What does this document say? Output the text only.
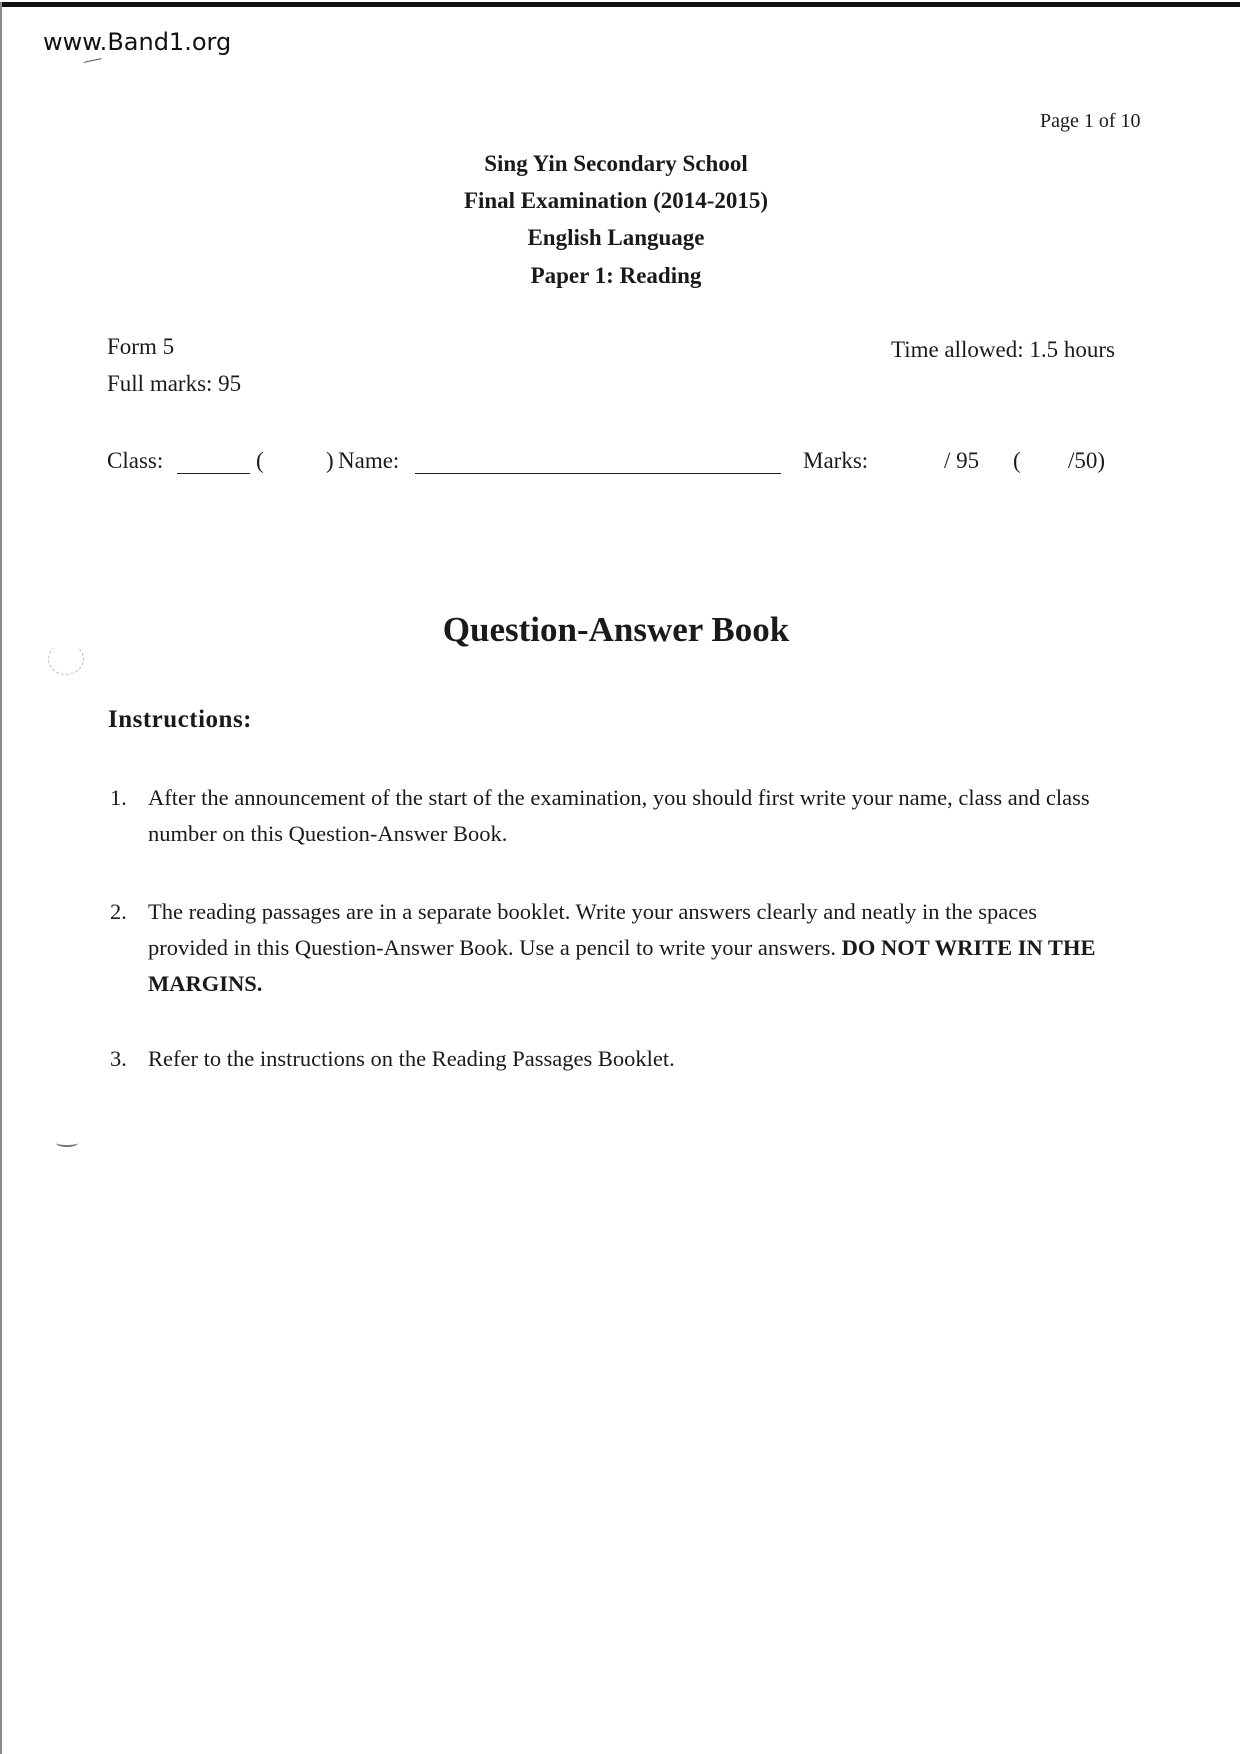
www.Band1.org
Page 1 of 10
Sing Yin Secondary School
Final Examination (2014-2015)
English Language
Paper 1: Reading
Form 5
Full marks: 95
Time allowed: 1.5 hours
Class:	(	) Name:	Marks:	/ 95 ( /50)
Question-Answer Book
Instructions:
1. After the announcement of the start of the examination, you should first write your name, class and class number on this Question-Answer Book.
2. The reading passages are in a separate booklet. Write your answers clearly and neatly in the spaces provided in this Question-Answer Book. Use a pencil to write your answers. DO NOT WRITE IN THE MARGINS.
3. Refer to the instructions on the Reading Passages Booklet.
